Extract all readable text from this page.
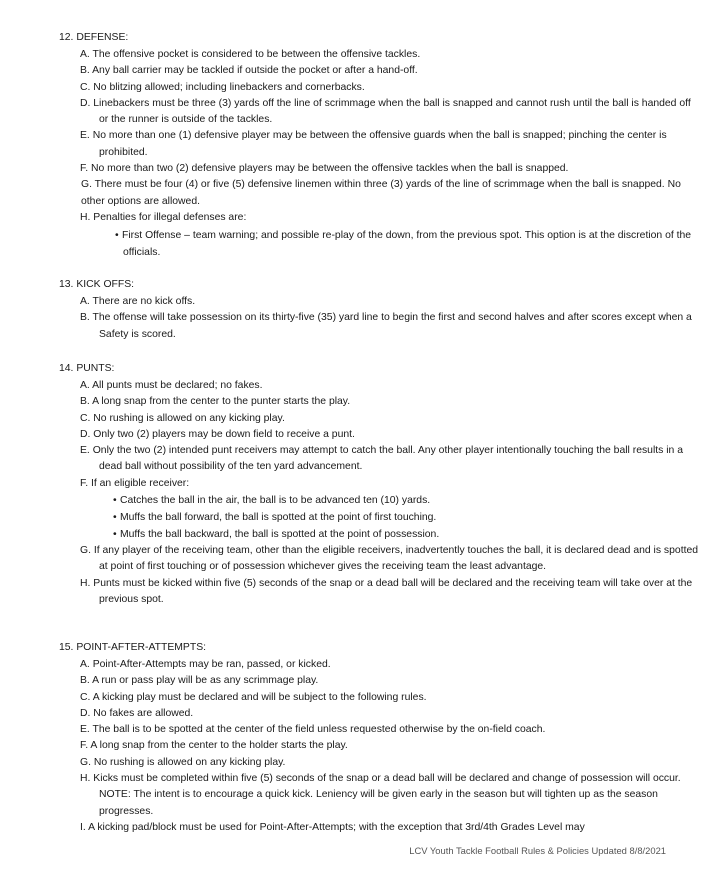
12. DEFENSE:

A. The offensive pocket is considered to be between the offensive tackles.

B. Any ball carrier may be tackled if outside the pocket or after a hand-off.

C. No blitzing allowed; including linebackers and cornerbacks.

D. Linebackers must be three (3) yards off the line of scrimmage when the ball is snapped and cannot rush until the ball is handed off or the runner is outside of the tackles.

E. No more than one (1) defensive player may be between the offensive guards when the ball is snapped; pinching the center is prohibited.

F. No more than two (2) defensive players may be between the offensive tackles when the ball is snapped.

G. There must be four (4) or five (5) defensive linemen within three (3) yards of the line of scrimmage when the ball is snapped. No other options are allowed.

H. Penalties for illegal defenses are:

• First Offense – team warning; and possible re-play of the down, from the previous spot. This option is at the discretion of the officials.

13. KICK OFFS:

A. There are no kick offs.

B. The offense will take possession on its thirty-five (35) yard line to begin the first and second halves and after scores except when a Safety is scored.

14. PUNTS:

A. All punts must be declared; no fakes.

B. A long snap from the center to the punter starts the play.

C. No rushing is allowed on any kicking play.

D. Only two (2) players may be down field to receive a punt.

E. Only the two (2) intended punt receivers may attempt to catch the ball. Any other player intentionally touching the ball results in a dead ball without possibility of the ten yard advancement.

F. If an eligible receiver:

• Catches the ball in the air, the ball is to be advanced ten (10) yards.

• Muffs the ball forward, the ball is spotted at the point of first touching.

• Muffs the ball backward, the ball is spotted at the point of possession.

G. If any player of the receiving team, other than the eligible receivers, inadvertently touches the ball, it is declared dead and is spotted at point of first touching or of possession whichever gives the receiving team the least advantage.

H. Punts must be kicked within five (5) seconds of the snap or a dead ball will be declared and the receiving team will take over at the previous spot.

15. POINT-AFTER-ATTEMPTS:

A. Point-After-Attempts may be ran, passed, or kicked.

B. A run or pass play will be as any scrimmage play.

C. A kicking play must be declared and will be subject to the following rules.

D. No fakes are allowed.

E. The ball is to be spotted at the center of the field unless requested otherwise by the on-field coach.

F. A long snap from the center to the holder starts the play.

G. No rushing is allowed on any kicking play.

H. Kicks must be completed within five (5) seconds of the snap or a dead ball will be declared and change of possession will occur. NOTE: The intent is to encourage a quick kick. Leniency will be given early in the season but will tighten up as the season progresses.

I. A kicking pad/block must be used for Point-After-Attempts; with the exception that 3rd/4th Grades Level may

LCV Youth Tackle Football Rules & Policies Updated 8/8/2021
